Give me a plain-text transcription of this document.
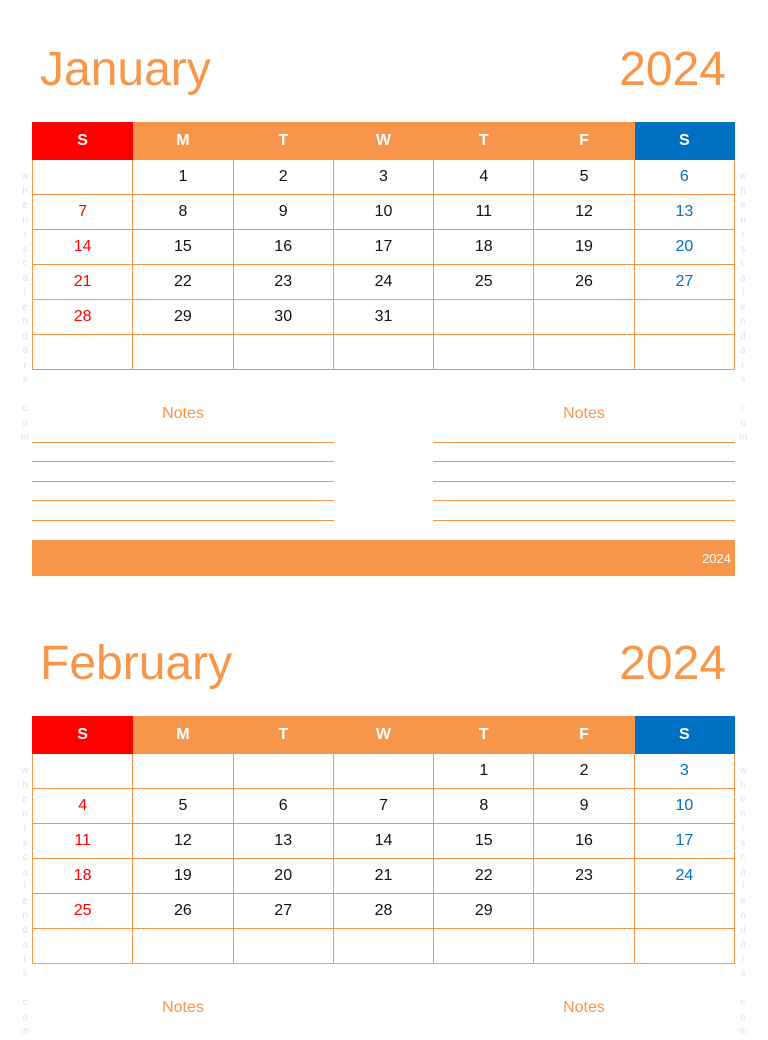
January	2024
S	M	T	W	T	F	S
	1	2	3	4	5	6
7	8	9	10	11	12	13
14	15	16	17	18	19	20
21	22	23	24	25	26	27
28	29	30	31			

Notes	Notes
2024
February	2024
S	M	T	W	T	F	S
				1	2	3
4	5	6	7	8	9	10
11	12	13	14	15	16	17
18	19	20	21	22	23	24
25	26	27	28	29		

Notes	Notes
w
h
e
n
i
s
c
a
l
e
n
d
a
r
s
.
c
o
m
w
h
e
n
i
s
c
a
l
e
n
d
a
r
s
.
c
o
m
w
h
e
n
i
s
c
a
l
e
n
d
a
r
s
.
c
o
m
w
h
e
n
i
s
c
a
l
e
n
d
a
r
s
.
c
o
m
